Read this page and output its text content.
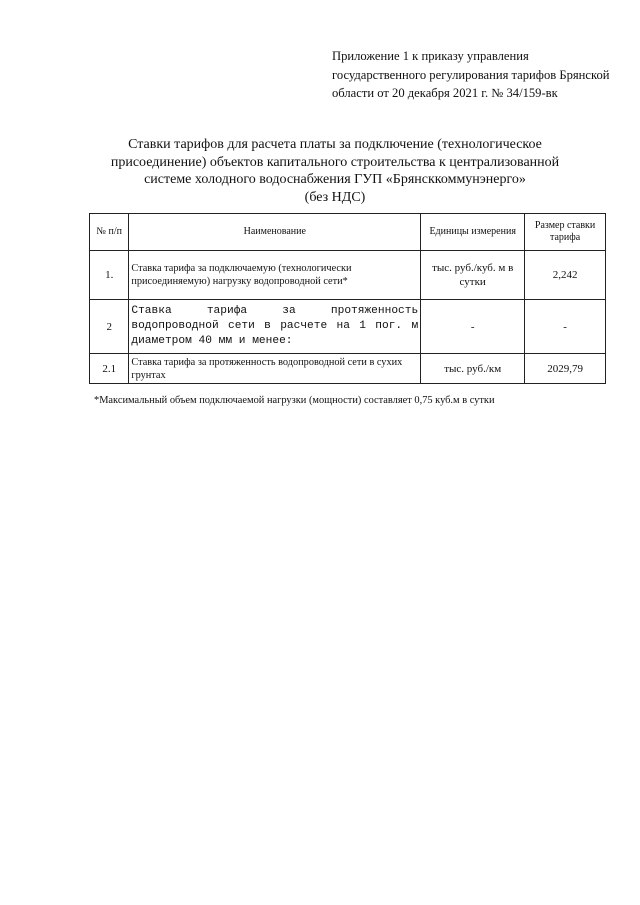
Приложение 1 к приказу управления
государственного регулирования тарифов Брянской
области от 20 декабря 2021 г. № 34/159-вк
Ставки тарифов для расчета платы за подключение (технологическое
присоединение) объектов капитального строительства к централизованной
системе холодного водоснабжения ГУП «Брянсккоммунэнерго»
(без НДС)
№ п/п	Наименование	Единицы измерения	Размер ставки тарифа
1.	Ставка тарифа за подключаемую (технологически присоединяемую) нагрузку водопроводной сети*	тыс. руб./куб. м в сутки	2,242
2	Ставка тарифа за протяженность водопроводной сети в расчете на 1 пог. м диаметром 40 мм и менее:	-	-
2.1	Ставка тарифа за протяженность водопроводной сети в сухих грунтах	тыс. руб./км	2029,79
*Максимальный объем подключаемой нагрузки (мощности) составляет 0,75 куб.м в сутки
